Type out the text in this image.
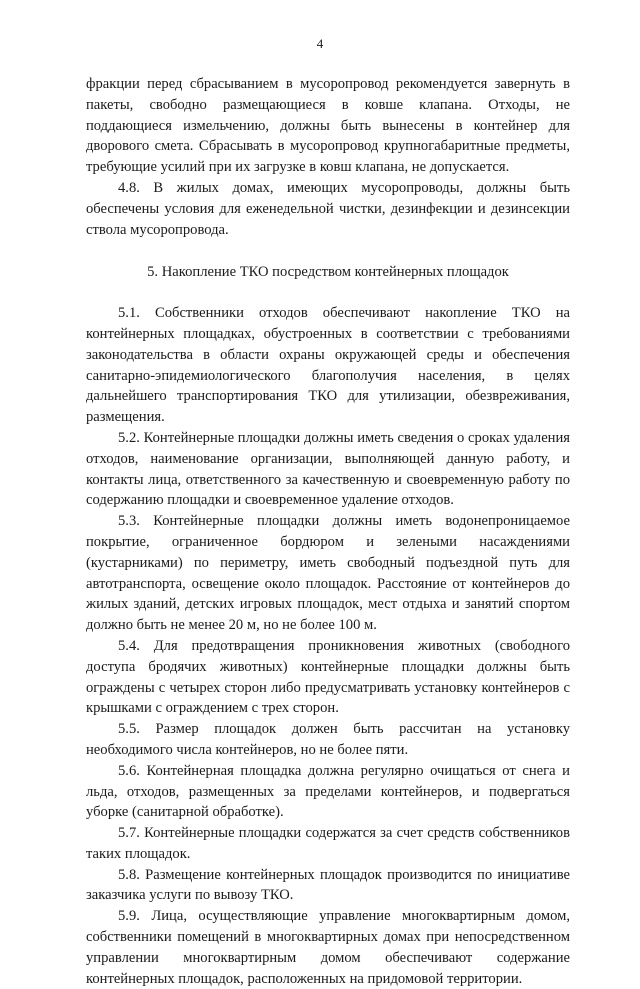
4

фракции перед сбрасыванием в мусоропровод рекомендуется завернуть в пакеты, свободно размещающиеся в ковше клапана. Отходы, не поддающиеся измельчению, должны быть вынесены в контейнер для дворового смета. Сбрасывать в мусоропровод крупногабаритные предметы, требующие усилий при их загрузке в ковш клапана, не допускается.

4.8. В жилых домах, имеющих мусоропроводы, должны быть обеспечены условия для еженедельной чистки, дезинфекции и дезинсекции ствола мусоропровода.

5. Накопление ТКО посредством контейнерных площадок

5.1. Собственники отходов обеспечивают накопление ТКО на контейнерных площадках, обустроенных в соответствии с требованиями законодательства в области охраны окружающей среды и обеспечения санитарно-эпидемиологического благополучия населения, в целях дальнейшего транспортирования ТКО для утилизации, обезвреживания, размещения.

5.2. Контейнерные площадки должны иметь сведения о сроках удаления отходов, наименование организации, выполняющей данную работу, и контакты лица, ответственного за качественную и своевременную работу по содержанию площадки и своевременное удаление отходов.

5.3. Контейнерные площадки должны иметь водонепроницаемое покрытие, ограниченное бордюром и зелеными насаждениями (кустарниками) по периметру, иметь свободный подъездной путь для автотранспорта, освещение около площадок. Расстояние от контейнеров до жилых зданий, детских игровых площадок, мест отдыха и занятий спортом должно быть не менее 20 м, но не более 100 м.

5.4. Для предотвращения проникновения животных (свободного доступа бродячих животных) контейнерные площадки должны быть ограждены с четырех сторон либо предусматривать установку контейнеров с крышками с ограждением с трех сторон.

5.5. Размер площадок должен быть рассчитан на установку необходимого числа контейнеров, но не более пяти.

5.6. Контейнерная площадка должна регулярно очищаться от снега и льда, отходов, размещенных за пределами контейнеров, и подвергаться уборке (санитарной обработке).

5.7. Контейнерные площадки содержатся за счет средств собственников таких площадок.

5.8. Размещение контейнерных площадок производится по инициативе заказчика услуги по вывозу ТКО.

5.9. Лица, осуществляющие управление многоквартирным домом, собственники помещений в многоквартирных домах при непосредственном управлении многоквартирным домом обеспечивают содержание контейнерных площадок, расположенных на придомовой территории.
